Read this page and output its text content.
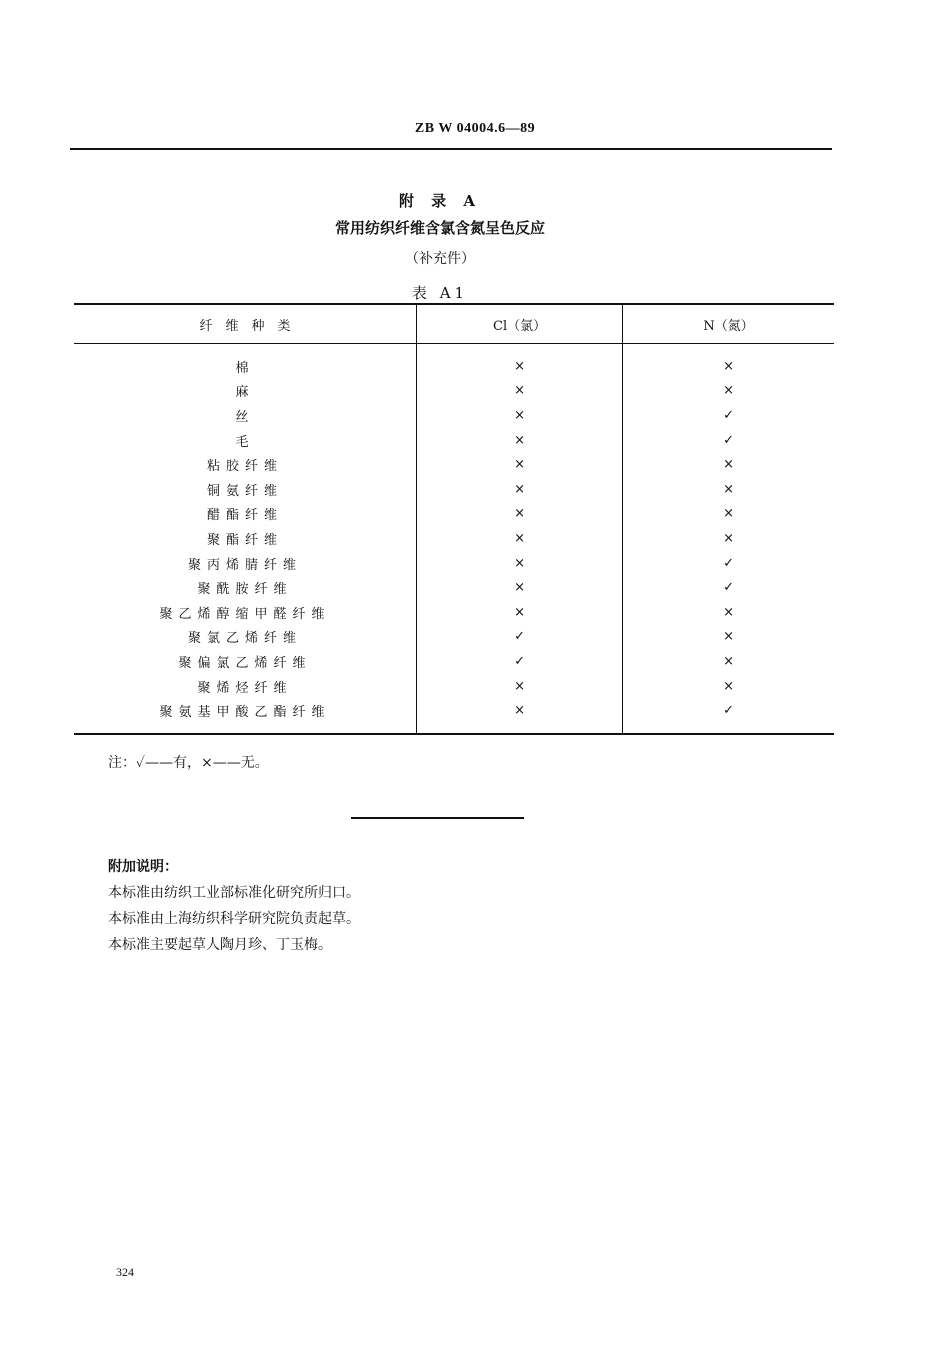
ZB W 04004.6—89
附 录 A
常用纺织纤维含氯含氮呈色反应
（补充件）
表 A1
纤　维　种　类	Cl（氯）	N（氮）
棉	×	×
麻	×	×
丝	×	✓
毛	×	✓
粘胶纤维	×	×
铜氨纤维	×	×
醋酯纤维	×	×
聚酯纤维	×	×
聚丙烯腈纤维	×	✓
聚酰胺纤维	×	✓
聚乙烯醇缩甲醛纤维	×	×
聚氯乙烯纤维	✓	×
聚偏氯乙烯纤维	✓	×
聚烯烃纤维	×	×
聚氨基甲酸乙酯纤维	×	✓
注：✓——有，×——无。
附加说明：
本标准由纺织工业部标准化研究所归口。
本标准由上海纺织科学研究院负责起草。
本标准主要起草人陶月珍、丁玉梅。
324
